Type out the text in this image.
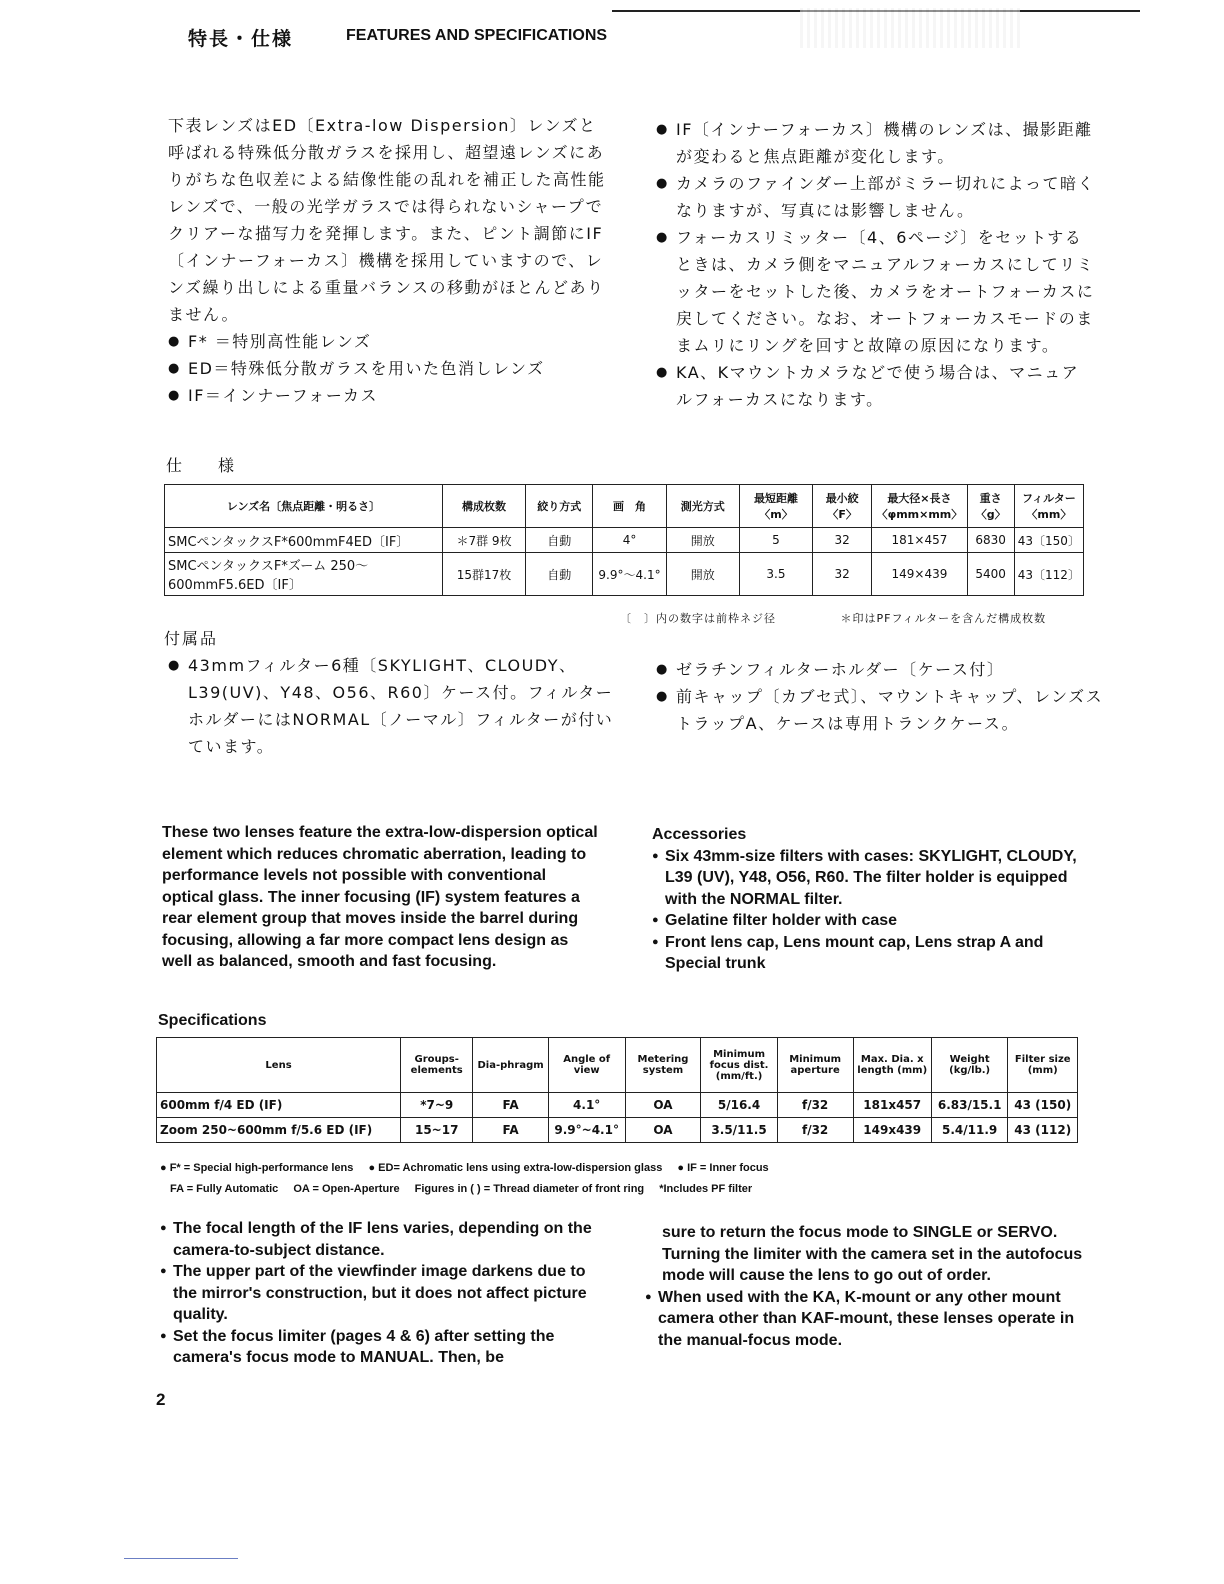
特長・仕様	FEATURES AND SPECIFICATIONS

下表レンズはED〔Extra-low Dispersion〕レンズと呼ばれる特殊低分散ガラスを採用し、超望遠レンズにありがちな色収差による結像性能の乱れを補正した高性能レンズで、一般の光学ガラスでは得られないシャープでクリアーな描写力を発揮します。また、ピント調節にIF〔インナーフォーカス〕機構を採用していますので、レンズ繰り出しによる重量バランスの移動がほとんどありません。

● F* ＝特別高性能レンズ
● ED＝特殊低分散ガラスを用いた色消しレンズ
● IF＝インナーフォーカス
● IF〔インナーフォーカス〕機構のレンズは、撮影距離が変わると焦点距離が変化します。
● カメラのファインダー上部がミラー切れによって暗くなりますが、写真には影響しません。
● フォーカスリミッター〔4、6ページ〕をセットするときは、カメラ側をマニュアルフォーカスにしてリミッターをセットした後、カメラをオートフォーカスに戻してください。なお、オートフォーカスモードのままムリにリングを回すと故障の原因になります。
● KA、Kマウントカメラなどで使う場合は、マニュアルフォーカスになります。
仕　様
レンズ名〔焦点距離・明るさ〕	構成枚数	絞り方式	画　角	測光方式	最短距離〈m〉	最小絞〈F〉	最大径×長さ〈φmm×mm〉	重さ〈g〉	フィルター〈mm〉
SMCペンタックスF*600mmF4ED〔IF〕	＊7群 9枚	自動	4°	開放	5	32	181×457	6830	43〔150〕
SMCペンタックスF*ズーム 250〜600mmF5.6ED〔IF〕	15群17枚	自動	9.9°〜4.1°	開放	3.5	32	149×439	5400	43〔112〕
〔　〕内の数字は前枠ネジ径	＊印はPFフィルターを含んだ構成枚数
付属品
● 43mmフィルター6種〔SKYLIGHT、CLOUDY、L39(UV)、Y48、O56、R60〕ケース付。フィルターホルダーにはNORMAL〔ノーマル〕フィルターが付いています。
● ゼラチンフィルターホルダー〔ケース付〕
● 前キャップ〔カブセ式〕、マウントキャップ、レンズストラップA、ケースは専用トランクケース。

These two lenses feature the extra-low-dispersion optical element which reduces chromatic aberration, leading to performance levels not possible with conventional optical glass. The inner focusing (IF) system features a rear element group that moves inside the barrel during focusing, allowing a far more compact lens design as well as balanced, smooth and fast focusing.

Accessories

● Six 43mm-size filters with cases: SKYLIGHT, CLOUDY, L39 (UV), Y48, O56, R60. The filter holder is equipped with the NORMAL filter.
● Gelatine filter holder with case
● Front lens cap, Lens mount cap, Lens strap A and Special trunk
Specifications
Lens	Groups-elements	Dia-phragm	Angle of view	Metering system	Minimum focus dist. (mm/ft.)	Minimum aperture	Max. Dia. x length (mm)	Weight (kg/lb.)	Filter size (mm)
600mm f/4 ED (IF)	*7~9	FA	4.1°	OA	5/16.4	f/32	181x457	6.83/15.1	43 (150)
Zoom 250~600mm f/5.6 ED (IF)	15~17	FA	9.9°~4.1°	OA	3.5/11.5	f/32	149x439	5.4/11.9	43 (112)
● F* = Special high-performance lens ● ED= Achromatic lens using extra-low-dispersion glass ● IF = Inner focus
FA = Fully Automatic OA = Open-Aperture Figures in ( ) = Thread diameter of front ring *Includes PF filter
● The focal length of the IF lens varies, depending on the camera-to-subject distance.
● The upper part of the viewfinder image darkens due to the mirror's construction, but it does not affect picture quality.
● Set the focus limiter (pages 4 & 6) after setting the camera's focus mode to MANUAL. Then, be

sure to return the focus mode to SINGLE or SERVO. Turning the limiter with the camera set in the autofocus mode will cause the lens to go out of order.

● When used with the KA, K-mount or any other mount camera other than KAF-mount, these lenses operate in the manual-focus mode.
2
